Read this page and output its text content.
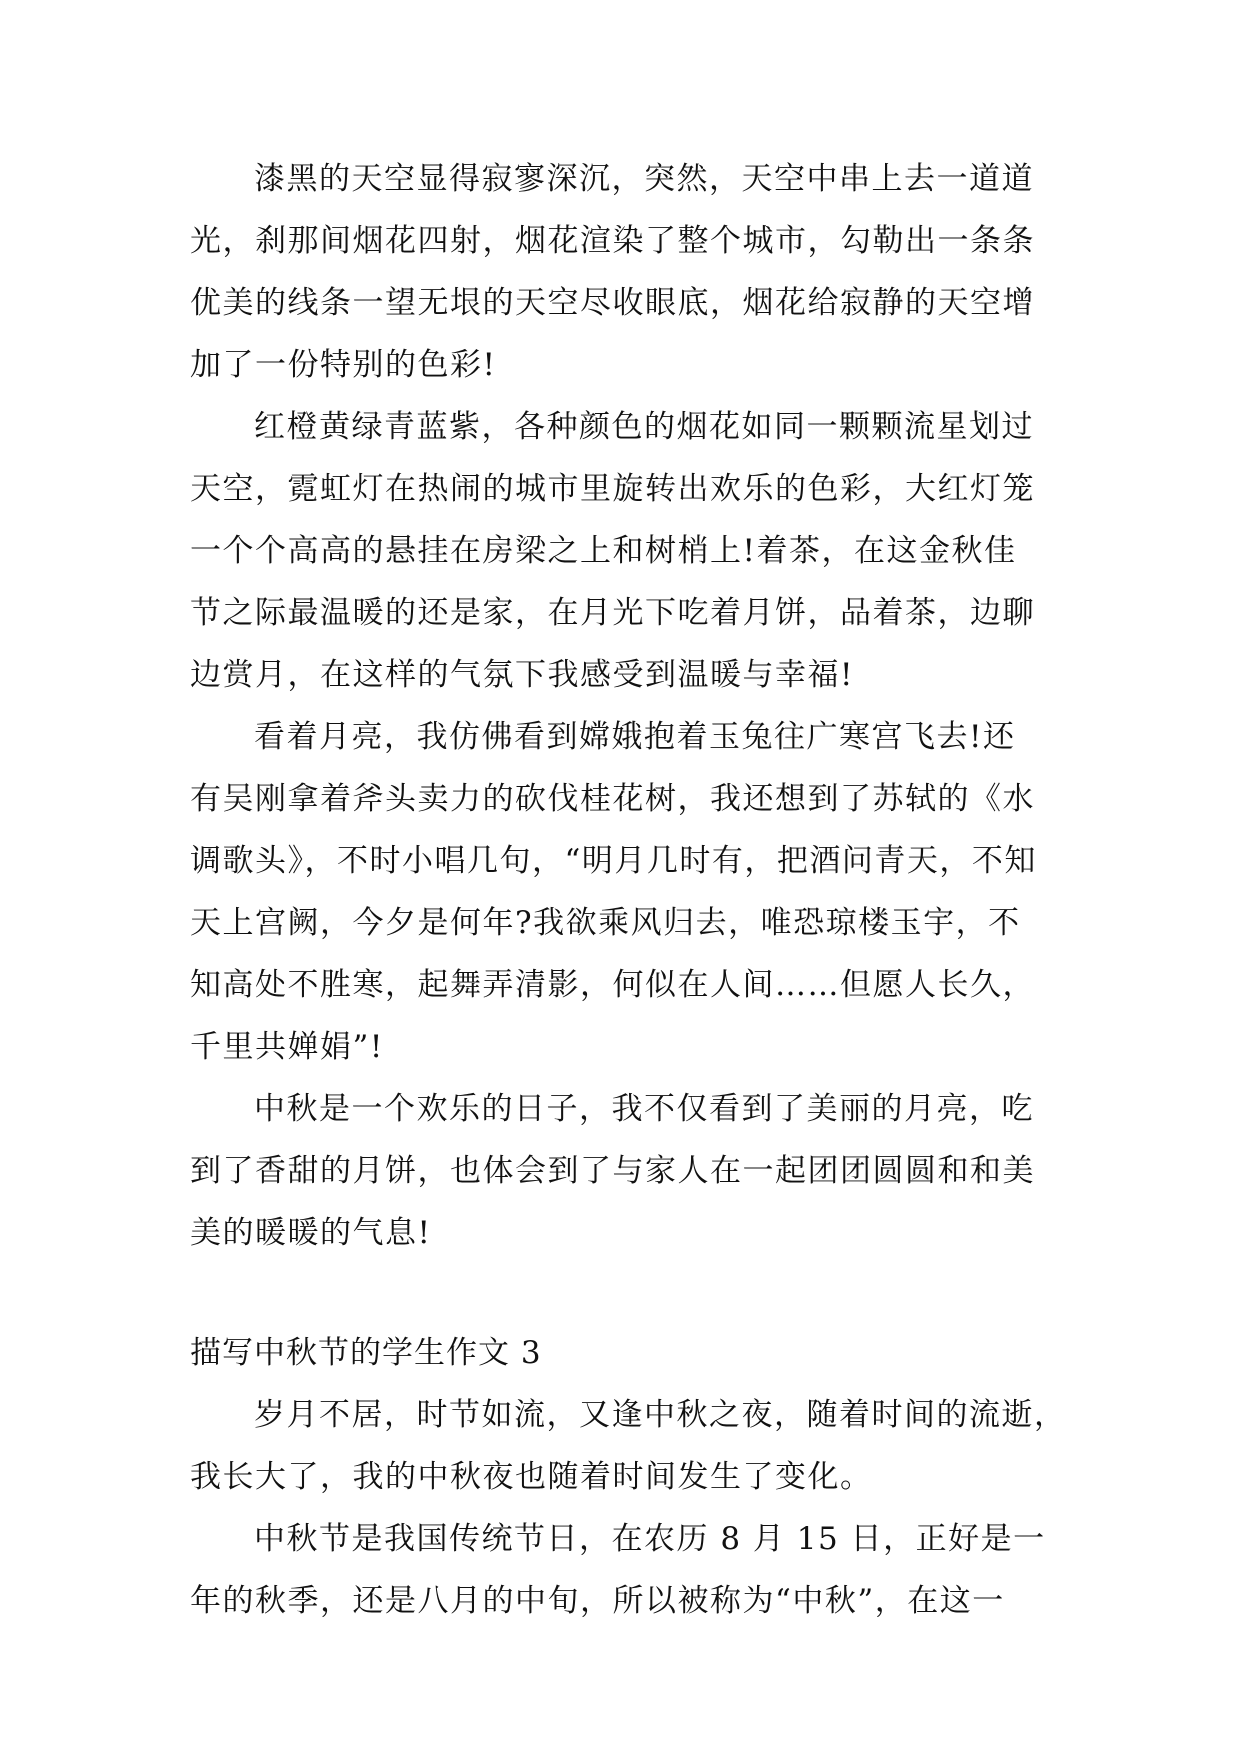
漆黑的天空显得寂寥深沉，突然，天空中串上去一道道
光，刹那间烟花四射，烟花渲染了整个城市，勾勒出一条条
优美的线条一望无垠的天空尽收眼底，烟花给寂静的天空增
加了一份特别的色彩!
红橙黄绿青蓝紫，各种颜色的烟花如同一颗颗流星划过
天空，霓虹灯在热闹的城市里旋转出欢乐的色彩，大红灯笼
一个个高高的悬挂在房梁之上和树梢上!着茶，在这金秋佳
节之际最温暖的还是家，在月光下吃着月饼，品着茶，边聊
边赏月，在这样的气氛下我感受到温暖与幸福!
看着月亮，我仿佛看到嫦娥抱着玉兔往广寒宫飞去!还
有吴刚拿着斧头卖力的砍伐桂花树，我还想到了苏轼的《水
调歌头》，不时小唱几句，“明月几时有，把酒问青天，不知
天上宫阙，今夕是何年?我欲乘风归去，唯恐琼楼玉宇，不
知高处不胜寒，起舞弄清影，何似在人间……但愿人长久，
千里共婵娟”!
中秋是一个欢乐的日子，我不仅看到了美丽的月亮，吃
到了香甜的月饼，也体会到了与家人在一起团团圆圆和和美
美的暖暖的气息!
描写中秋节的学生作文 3
岁月不居，时节如流，又逢中秋之夜，随着时间的流逝，
我长大了，我的中秋夜也随着时间发生了变化。
中秋节是我国传统节日，在农历 8 月 15 日，正好是一
年的秋季，还是八月的中旬，所以被称为“中秋”，在这一
